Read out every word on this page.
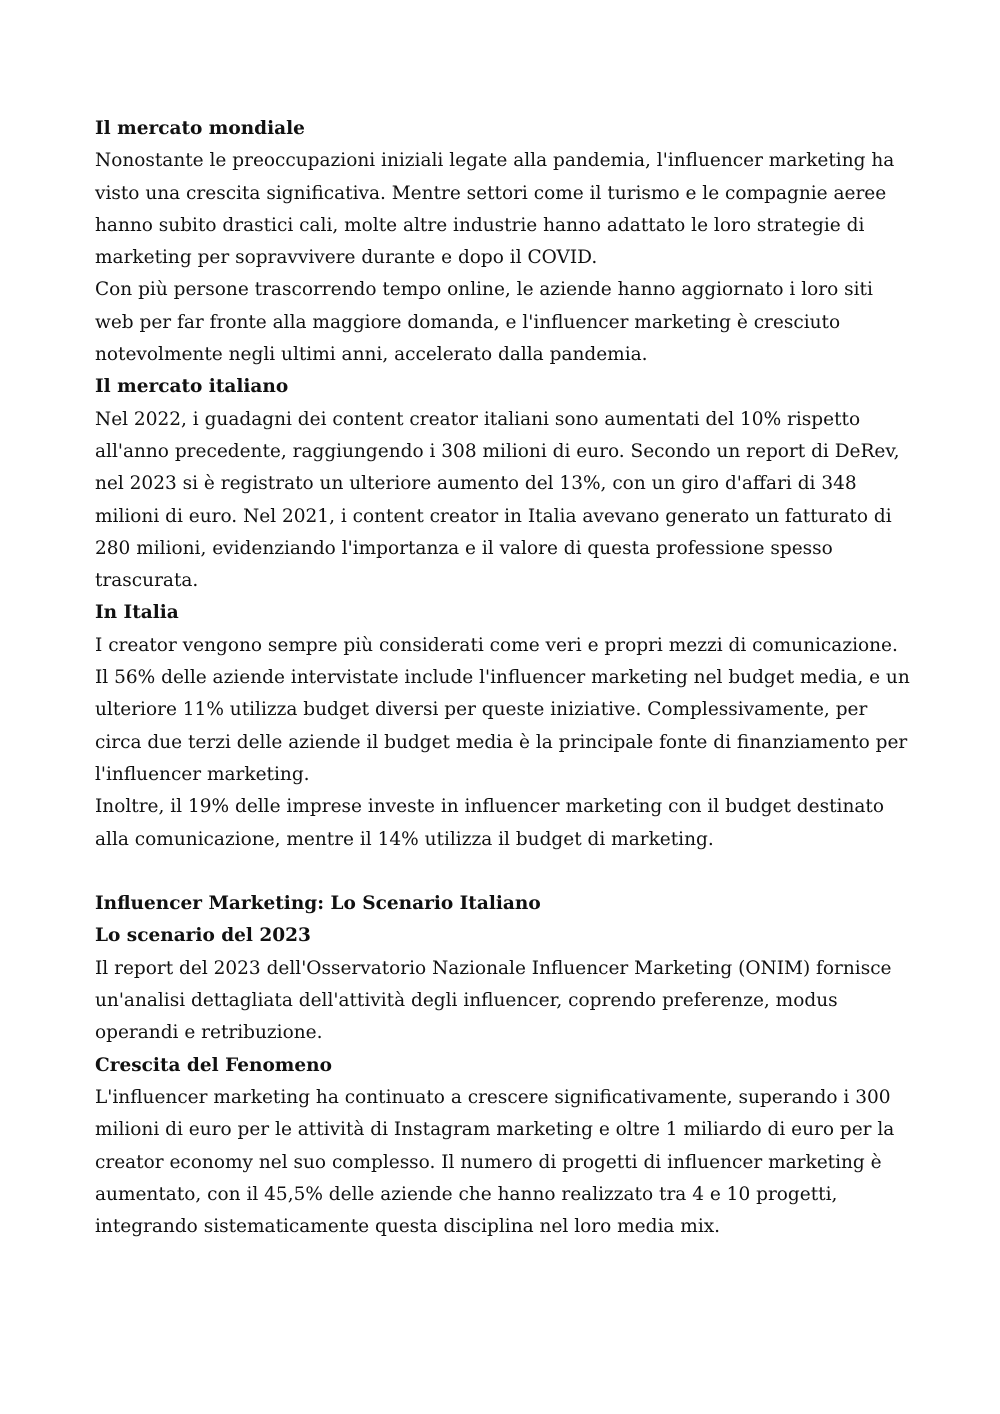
Il mercato mondiale

Nonostante le preoccupazioni iniziali legate alla pandemia, l'influencer marketing ha visto una crescita significativa. Mentre settori come il turismo e le compagnie aeree hanno subito drastici cali, molte altre industrie hanno adattato le loro strategie di marketing per sopravvivere durante e dopo il COVID.

Con più persone trascorrendo tempo online, le aziende hanno aggiornato i loro siti web per far fronte alla maggiore domanda, e l'influencer marketing è cresciuto notevolmente negli ultimi anni, accelerato dalla pandemia.

Il mercato italiano

Nel 2022, i guadagni dei content creator italiani sono aumentati del 10% rispetto all'anno precedente, raggiungendo i 308 milioni di euro. Secondo un report di DeRev, nel 2023 si è registrato un ulteriore aumento del 13%, con un giro d'affari di 348 milioni di euro. Nel 2021, i content creator in Italia avevano generato un fatturato di 280 milioni, evidenziando l'importanza e il valore di questa professione spesso trascurata.

In Italia

I creator vengono sempre più considerati come veri e propri mezzi di comunicazione. Il 56% delle aziende intervistate include l'influencer marketing nel budget media, e un ulteriore 11% utilizza budget diversi per queste iniziative. Complessivamente, per circa due terzi delle aziende il budget media è la principale fonte di finanziamento per l'influencer marketing.

Inoltre, il 19% delle imprese investe in influencer marketing con il budget destinato alla comunicazione, mentre il 14% utilizza il budget di marketing.

Influencer Marketing: Lo Scenario Italiano

Lo scenario del 2023

Il report del 2023 dell'Osservatorio Nazionale Influencer Marketing (ONIM) fornisce un'analisi dettagliata dell'attività degli influencer, coprendo preferenze, modus operandi e retribuzione.

Crescita del Fenomeno

L'influencer marketing ha continuato a crescere significativamente, superando i 300 milioni di euro per le attività di Instagram marketing e oltre 1 miliardo di euro per la creator economy nel suo complesso. Il numero di progetti di influencer marketing è aumentato, con il 45,5% delle aziende che hanno realizzato tra 4 e 10 progetti, integrando sistematicamente questa disciplina nel loro media mix.
